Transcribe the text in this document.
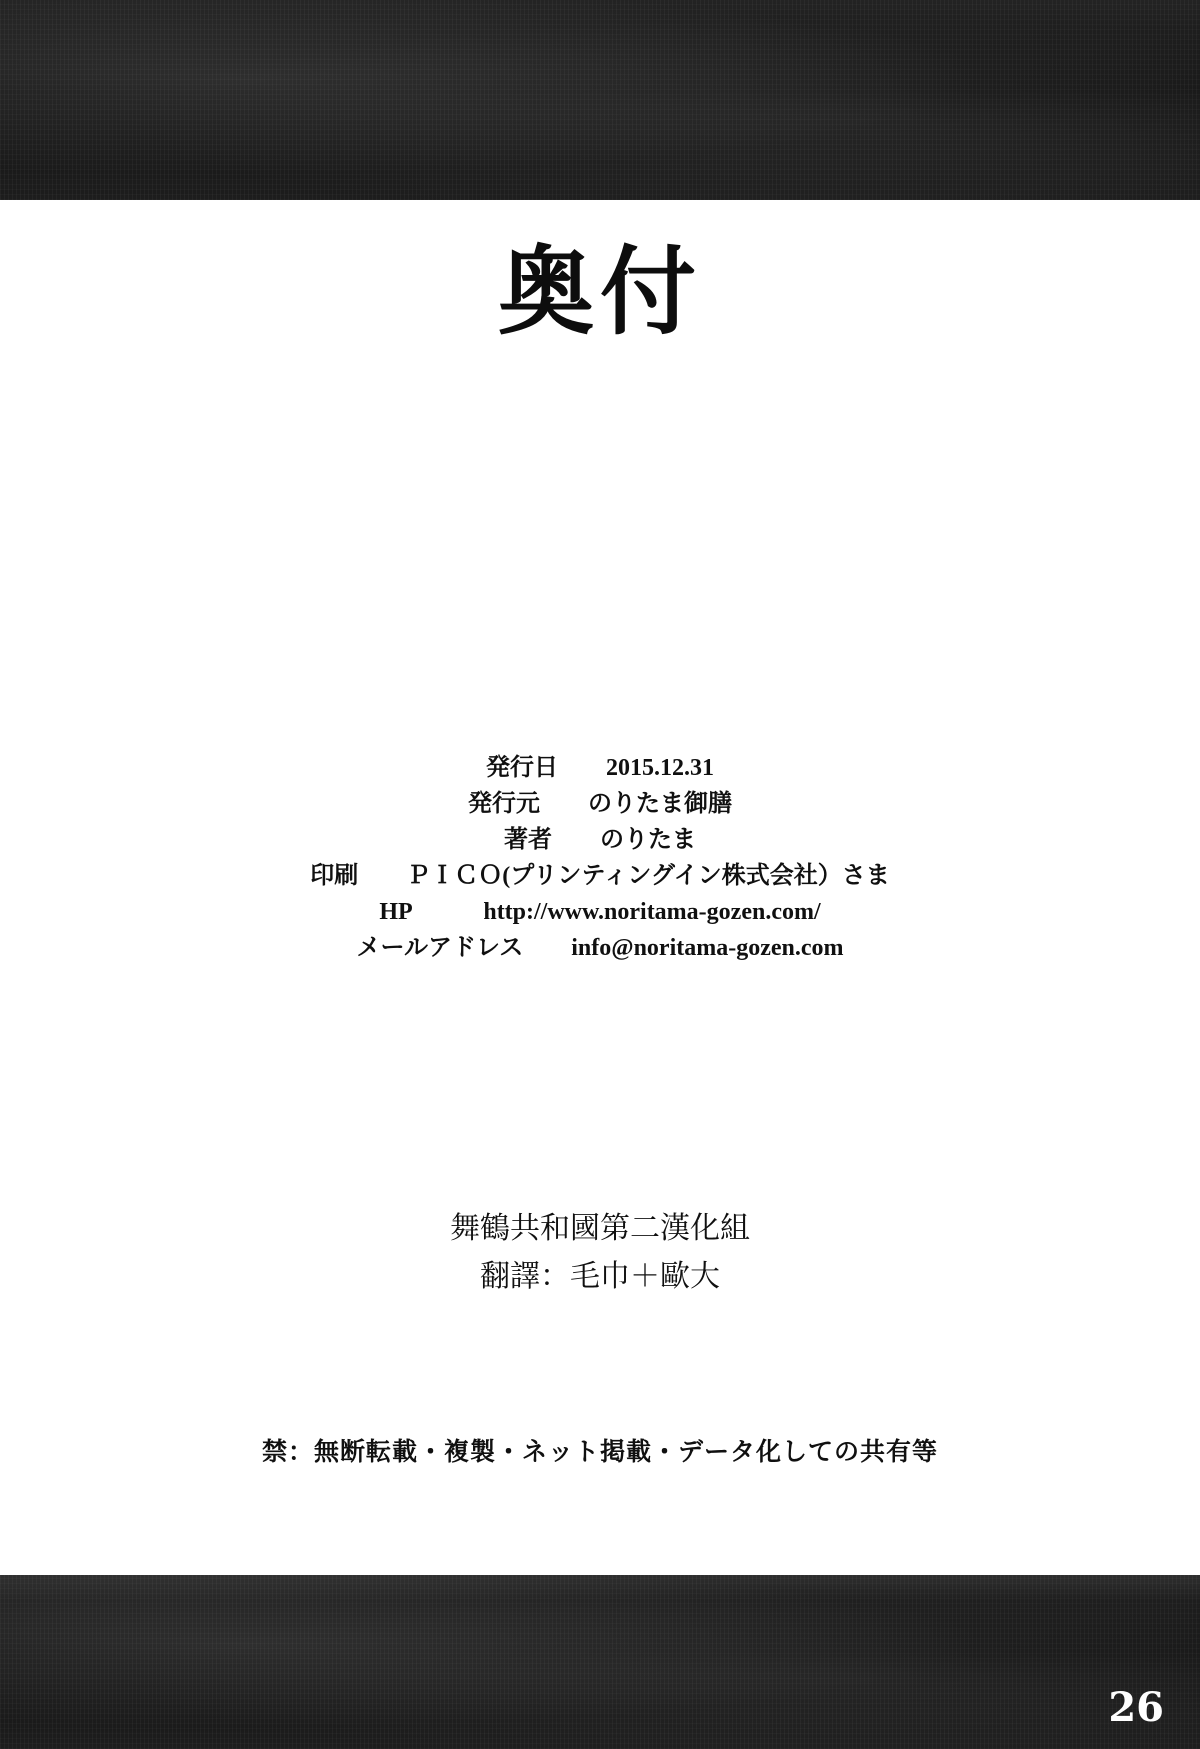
奥付
発行日　　2015.12.31
発行元　　のりたま御膳
著者　　のりたま
印刷　　ＰＩＣＯ(プリンティングイン株式会社）さま
HP　　　http://www.noritama-gozen.com/
メールアドレス　　info@noritama-gozen.com
舞鶴共和國第二漢化組
翻譯：毛巾＋歐大
禁：無断転載・複製・ネット掲載・データ化しての共有等
26
